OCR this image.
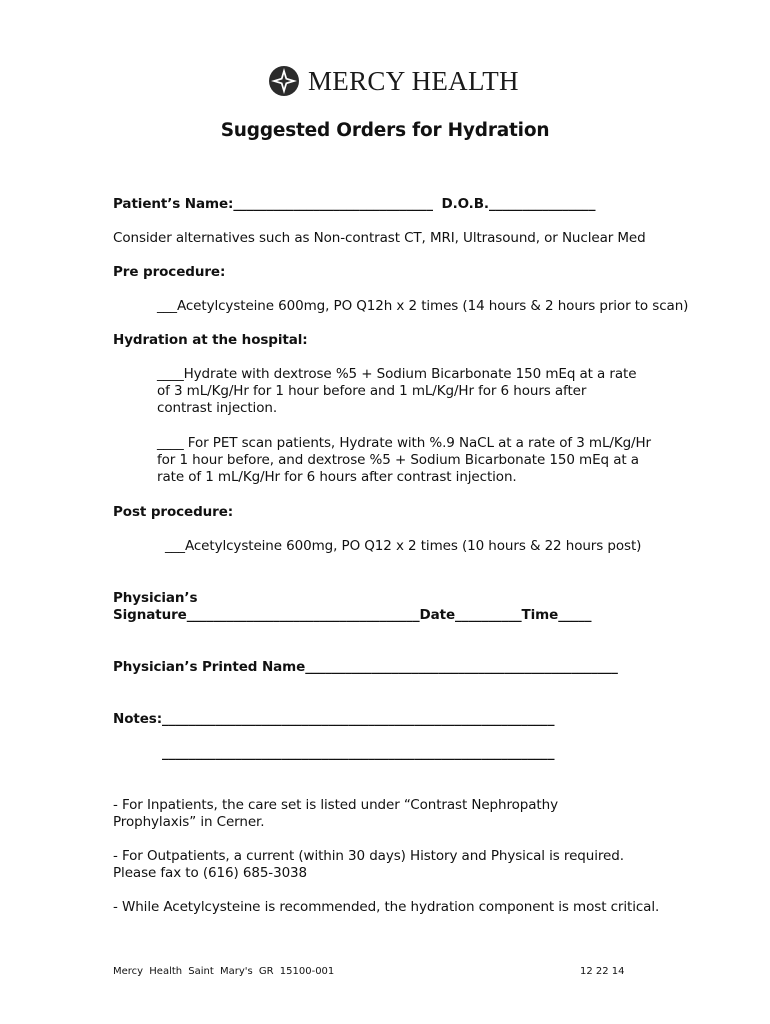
MERCY HEALTH
Suggested Orders for Hydration
Patient’s Name:______________________________ D.O.B.________________
Consider alternatives such as Non-contrast CT, MRI, Ultrasound, or Nuclear Med
Pre procedure:
___Acetylcysteine 600mg, PO Q12h x 2 times (14 hours & 2 hours prior to scan)
Hydration at the hospital:
____Hydrate with dextrose %5 + Sodium Bicarbonate 150 mEq at a rate of 3 mL/Kg/Hr for 1 hour before and 1 mL/Kg/Hr for 6 hours after contrast injection.
____ For PET scan patients, Hydrate with %.9 NaCL at a rate of 3 mL/Kg/Hr for 1 hour before, and dextrose %5 + Sodium Bicarbonate 150 mEq at a rate of 1 mL/Kg/Hr for 6 hours after contrast injection.
Post procedure:
___Acetylcysteine 600mg, PO Q12 x 2 times (10 hours & 22 hours post)
Physician’s
Signature___________________________________Date__________Time_____
Physician’s Printed Name_______________________________________________
Notes: ___________________________________________________________
___________________________________________________________
- For Inpatients, the care set is listed under “Contrast Nephropathy Prophylaxis” in Cerner.
- For Outpatients, a current (within 30 days) History and Physical is required. Please fax to (616) 685-3038
- While Acetylcysteine is recommended, the hydration component is most critical.
Mercy Health Saint Mary's GR 15100-001	12 22 14
